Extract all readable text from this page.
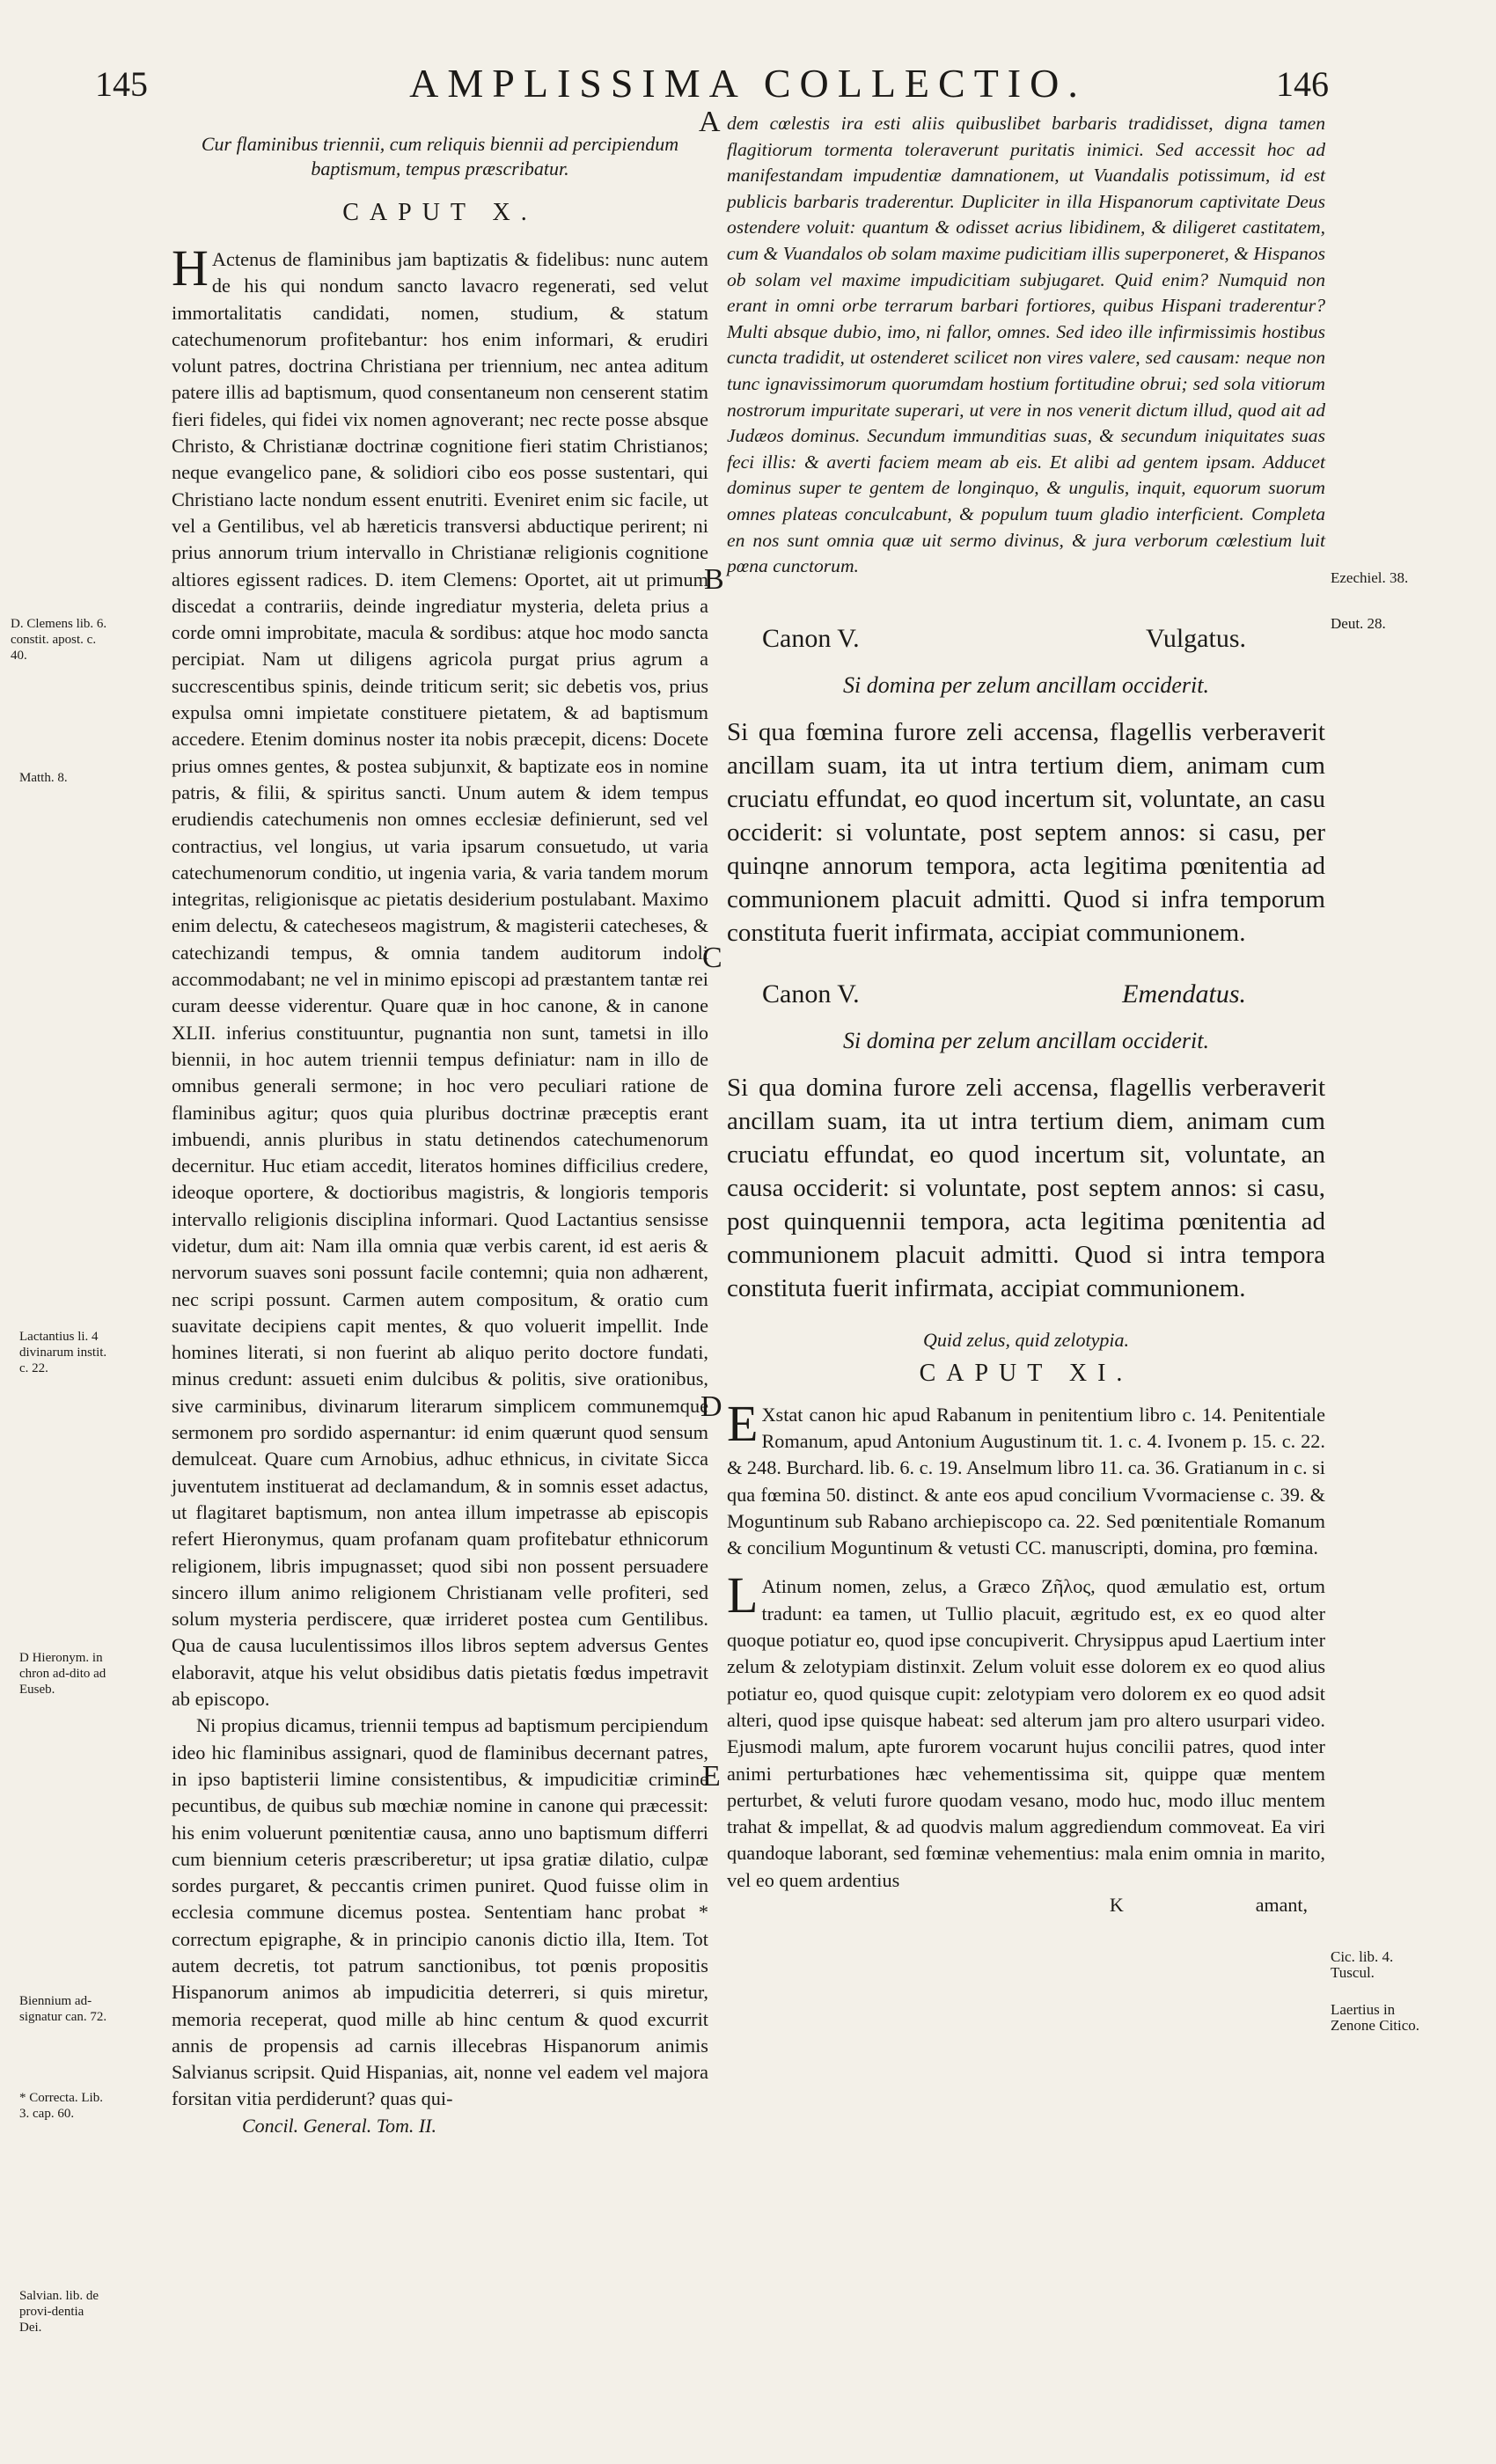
145	AMPLISSIMA COLLECTIO.	146

Cur flaminibus triennii, cum reliquis biennii ad percipiendum baptismum, tempus præscribatur.

CAPUT X.

H Actenus de flaminibus jam baptizatis & fidelibus: nunc autem de his qui nondum sancto lavacro regenerati, sed velut immortalitatis candidati, nomen, studium, & statum catechumenorum profitebantur: hos enim informari, & erudiri volunt patres, doctrina Christiana per triennium, nec antea aditum patere illis ad baptismum, quod consentaneum non censerent statim fieri fideles, qui fidei vix nomen agnoverant; nec recte posse absque Christo, & Christianæ doctrinæ cognitione fieri statim Christianos; neque evangelico pane, & solidiori cibo eos posse sustentari, qui Christiano lacte nondum essent enutriti. Eveniret enim sic facile, ut vel a Gentilibus, vel ab hæreticis transversi abductique perirent; ni prius annorum trium intervallo in Christianæ religionis cognitione altiores egissent radices. D. item Clemens: Oportet, ait ut primum discedat a contrariis, deinde ingrediatur mysteria, deleta prius a corde omni improbitate, macula & sordibus: atque hoc modo sancta percipiat. Nam ut diligens agricola purgat prius agrum a succrescentibus spinis, deinde triticum serit; sic debetis vos, prius expulsa omni impietate constituere pietatem, & ad baptismum accedere. Etenim dominus noster ita nobis præcepit, dicens: Docete prius omnes gentes, & postea subjunxit, & baptizate eos in nomine patris, & filii, & spiritus sancti. Unum autem & idem tempus erudiendis catechumenis non omnes ecclesiæ definierunt, sed vel contractius, vel longius, ut varia ipsarum consuetudo, ut varia catechumenorum conditio, ut ingenia varia, & varia tandem morum integritas, religionisque ac pietatis desiderium postulabant. Maximo enim delectu, & catecheseos magistrum, & magisterii catecheses, & catechizandi tempus, & omnia tandem auditorum indoli accommodabant; ne vel in minimo episcopi ad præstantem tantæ rei curam deesse viderentur. Quare quæ in hoc canone, & in canone XLII. inferius constituuntur, pugnantia non sunt, tametsi in illo biennii, in hoc autem triennii tempus definiatur: nam in illo de omnibus generali sermone; in hoc vero peculiari ratione de flaminibus agitur; quos quia pluribus doctrinæ præceptis erant imbuendi, annis pluribus in statu detinendos catechumenorum decernitur. Huc etiam accedit, literatos homines difficilius credere, ideoque oportere, & doctioribus magistris, & longioris temporis intervallo religionis disciplina informari. Quod Lactantius sensisse videtur, dum ait: Nam illa omnia quæ verbis carent, id est aeris & nervorum suaves soni possunt facile contemni; quia non adhærent, nec scripi possunt. Carmen autem compositum, & oratio cum suavitate decipiens capit mentes, & quo voluerit impellit. Inde homines literati, si non fuerint ab aliquo perito doctore fundati, minus credunt: assueti enim dulcibus & politis, sive orationibus, sive carminibus, divinarum literarum simplicem communemque sermonem pro sordido aspernantur: id enim quærunt quod sensum demulceat. Quare cum Arnobius, adhuc ethnicus, in civitate Sicca juventutem instituerat ad declamandum, & in somnis esset adactus, ut flagitaret baptismum, non antea illum impetrasse ab episcopis refert Hieronymus, quam profanam quam profitebatur ethnicorum religionem, libris impugnasset; quod sibi non possent persuadere sincero illum animo religionem Christianam velle profiteri, sed solum mysteria perdiscere, quæ irrideret postea cum Gentilibus. Qua de causa luculentissimos illos libros septem adversus Gentes elaboravit, atque his velut obsidibus datis pietatis fœdus impetravit ab episcopo.

Ni propius dicamus, triennii tempus ad baptismum percipiendum ideo hic flaminibus assignari, quod de flaminibus decernant patres, in ipso baptisterii limine consistentibus, & impudicitiæ crimine pecuntibus, de quibus sub mœchiæ nomine in canone qui præcessit: his enim voluerunt pœnitentiæ causa, anno uno baptismum differri cum biennium ceteris præscriberetur; ut ipsa gratiæ dilatio, culpæ sordes purgaret, & peccantis crimen puniret. Quod fuisse olim in ecclesia commune dicemus postea. Sententiam hanc probat * correctum epigraphe, & in principio canonis dictio illa, Item. Tot autem decretis, tot patrum sanctionibus, tot pœnis propositis Hispanorum animos ab impudicitia deterreri, si quis miretur, memoria receperat, quod mille ab hinc centum & quod excurrit annis de propensis ad carnis illecebras Hispanorum animis Salvianus scripsit. Quid Hispanias, ait, nonne vel eadem vel majora forsitan vitia perdiderunt? quas qui-

Concil. General. Tom. II.
D. Clemens lib. 6. constit. apost. c. 40.
Matth. 8.
Lactantius li. 4 divinarum instit. c. 22.
D Hieronym. in chron ad-dito ad Euseb.
Biennium ad-signatur can. 72.
* Correcta. Lib. 3. cap. 60.
Salvian. lib. de provi-dentia Dei.
A
B
C
D
E

dem cœlestis ira esti aliis quibuslibet barbaris tradidisset, digna tamen flagitiorum tormenta toleraverunt puritatis inimici. Sed accessit hoc ad manifestandam impudentiæ damnationem, ut Vuandalis potissimum, id est publicis barbaris traderentur. Dupliciter in illa Hispanorum captivitate Deus ostendere voluit: quantum & odisset acrius libidinem, & diligeret castitatem, cum & Vuandalos ob solam maxime pudicitiam illis superponeret, & Hispanos ob solam vel maxime impudicitiam subjugaret. Quid enim? Numquid non erant in omni orbe terrarum barbari fortiores, quibus Hispani traderentur? Multi absque dubio, imo, ni fallor, omnes. Sed ideo ille infirmissimis hostibus cuncta tradidit, ut ostenderet scilicet non vires valere, sed causam: neque non tunc ignavissimorum quorumdam hostium fortitudine obrui; sed sola vitiorum nostrorum impuritate superari, ut vere in nos venerit dictum illud, quod ait ad Judæos dominus. Secundum immunditias suas, & secundum iniquitates suas feci illis: & averti faciem meam ab eis. Et alibi ad gentem ipsam. Adducet dominus super te gentem de longinquo, & ungulis, inquit, equorum suorum omnes plateas conculcabunt, & populum tuum gladio interficient. Completa en nos sunt omnia quæ uit sermo divinus, & jura verborum cœlestium luit pœna cunctorum.

Canon V.	Vulgatus.

Si domina per zelum ancillam occiderit.

Si qua fœmina furore zeli accensa, flagellis verberaverit ancillam suam, ita ut intra tertium diem, animam cum cruciatu effundat, eo quod incertum sit, voluntate, an casu occiderit: si voluntate, post septem annos: si casu, per quinqne annorum tempora, acta legitima pœnitentia ad communionem placuit admitti. Quod si infra temporum constituta fuerit infirmata, accipiat communionem.

Canon V.	Emendatus.

Si domina per zelum ancillam occiderit.

Si qua domina furore zeli accensa, flagellis verberaverit ancillam suam, ita ut intra tertium diem, animam cum cruciatu effundat, eo quod incertum sit, voluntate, an causa occiderit: si voluntate, post septem annos: si casu, post quinquennii tempora, acta legitima pœnitentia ad communionem placuit admitti. Quod si intra tempora constituta fuerit infirmata, accipiat communionem.

Quid zelus, quid zelotypia.

CAPUT XI.

E Xstat canon hic apud Rabanum in penitentium libro c. 14. Penitentiale Romanum, apud Antonium Augustinum tit. 1. c. 4. Ivonem p. 15. c. 22. & 248. Burchard. lib. 6. c. 19. Anselmum libro 11. ca. 36. Gratianum in c. si qua fœmina 50. distinct. & ante eos apud concilium Vvormaciense c. 39. & Moguntinum sub Rabano archiepiscopo ca. 22. Sed pœnitentiale Romanum & concilium Moguntinum & vetusti CC. manuscripti, domina, pro fœmina.

L Atinum nomen, zelus, a Græco Ζῆλος, quod æmulatio est, ortum tradunt: ea tamen, ut Tullio placuit, ægritudo est, ex eo quod alter quoque potiatur eo, quod ipse concupiverit. Chrysippus apud Laertium inter zelum & zelotypiam distinxit. Zelum voluit esse dolorem ex eo quod alius potiatur eo, quod quisque cupit: zelotypiam vero dolorem ex eo quod adsit alteri, quod ipse quisque habeat: sed alterum jam pro altero usurpari video. Ejusmodi malum, apte furorem vocarunt hujus concilii patres, quod inter animi perturbationes hæc vehementissima sit, quippe quæ mentem perturbet, & veluti furore quodam vesano, modo huc, modo illuc mentem trahat & impellat, & ad quodvis malum aggrediendum commoveat. Ea viri quandoque laborant, sed fœminæ vehementius: mala enim omnia in marito, vel eo quem ardentius

K	amant,
Ezechiel. 38.
Deut. 28.
Cic. lib. 4. Tuscul.
Laertius in Zenone Citico.
